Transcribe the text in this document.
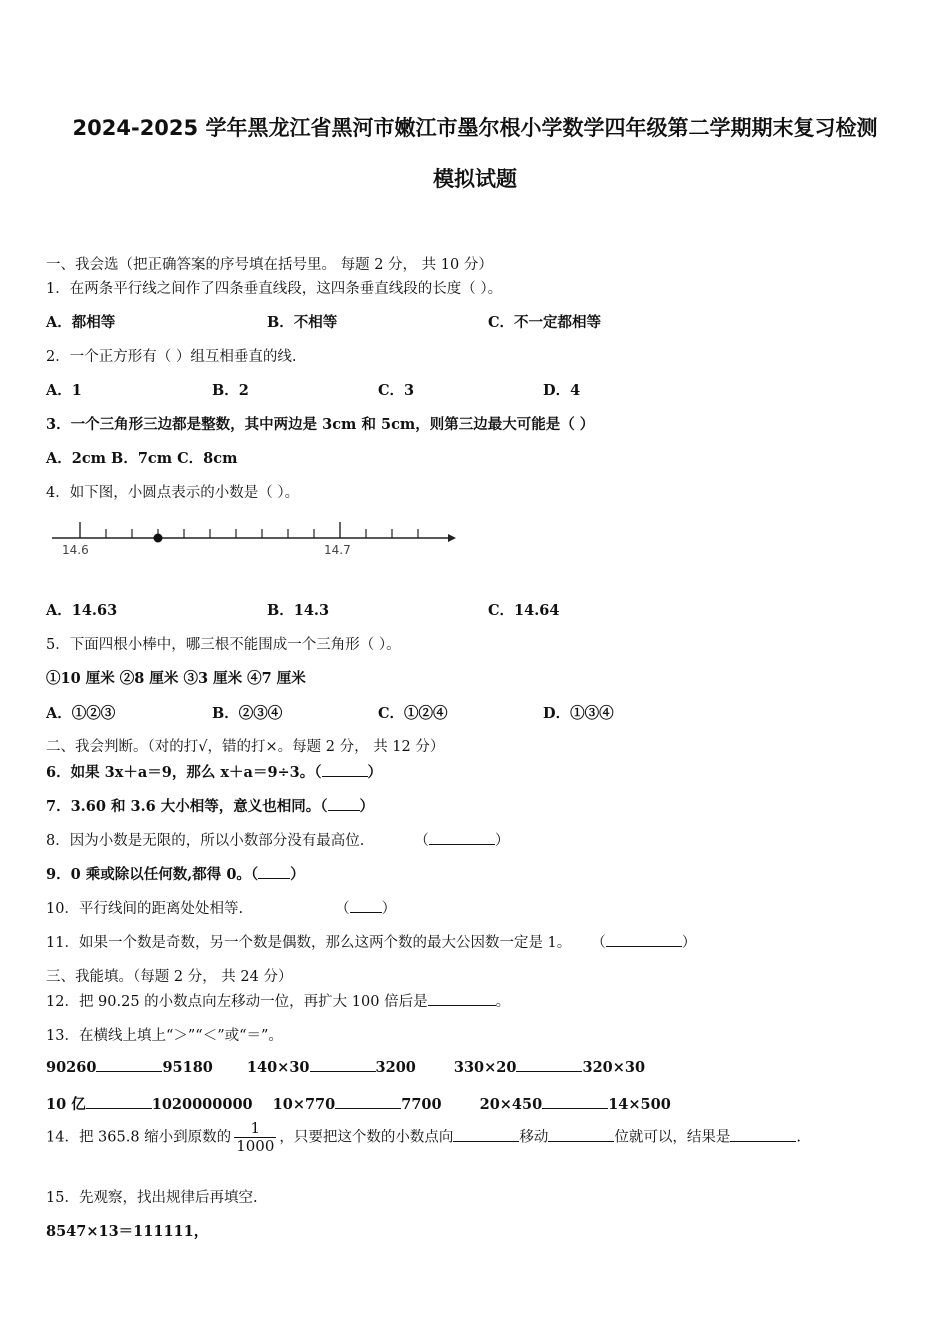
2024-2025 学年黑龙江省黑河市嫩江市墨尔根小学数学四年级第二学期期末复习检测
模拟试题
一、我会选（把正确答案的序号填在括号里。 每题 2 分， 共 10 分）
1．在两条平行线之间作了四条垂直线段，这四条垂直线段的长度（ ）。
A．都相等	B．不相等	C．不一定都相等
2．一个正方形有（ ）组互相垂直的线.
A．1	B．2	C．3	D．4
3．一个三角形三边都是整数，其中两边是 3cm 和 5cm，则第三边最大可能是（ ）
A．2cm B．7cm C．8cm
4．如下图，小圆点表示的小数是（ ）。
14.6	14.7
A．14.63	B．14.3	C．14.64
5．下面四根小棒中，哪三根不能围成一个三角形（ ）。
①10 厘米 ②8 厘米 ③3 厘米 ④7 厘米
A．①②③	B．②③④	C．①②④	D．①③④
二、我会判断。（对的打√，错的打×。每题 2 分， 共 12 分）
6．如果 3x＋a＝9，那么 x＋a＝9÷3。（	）
7．3.60 和 3.6 大小相等，意义也相同。（ ）
8．因为小数是无限的，所以小数部分没有最高位.	（	）
9．0 乘或除以任何数,都得 0。（ ）
10．平行线间的距离处处相等.	（ ）
11．如果一个数是奇数，另一个数是偶数，那么这两个数的最大公因数一定是 1。 （	）
三、我能填。（每题 2 分， 共 24 分）
12．把 90.25 的小数点向左移动一位，再扩大 100 倍后是	。
13．在横线上填上“＞”“＜”或“＝”。
90260	95180 140×30	3200	330×20	320×30
10 亿	1020000000 10×770	7700	20×450	14×500
14．把 365.8 缩小到原数的 $\frac{1}{1000}$ ，只要把这个数的小数点向	移动	位就可以，结果是	.
15．先观察，找出规律后再填空.
8547×13＝111111，
